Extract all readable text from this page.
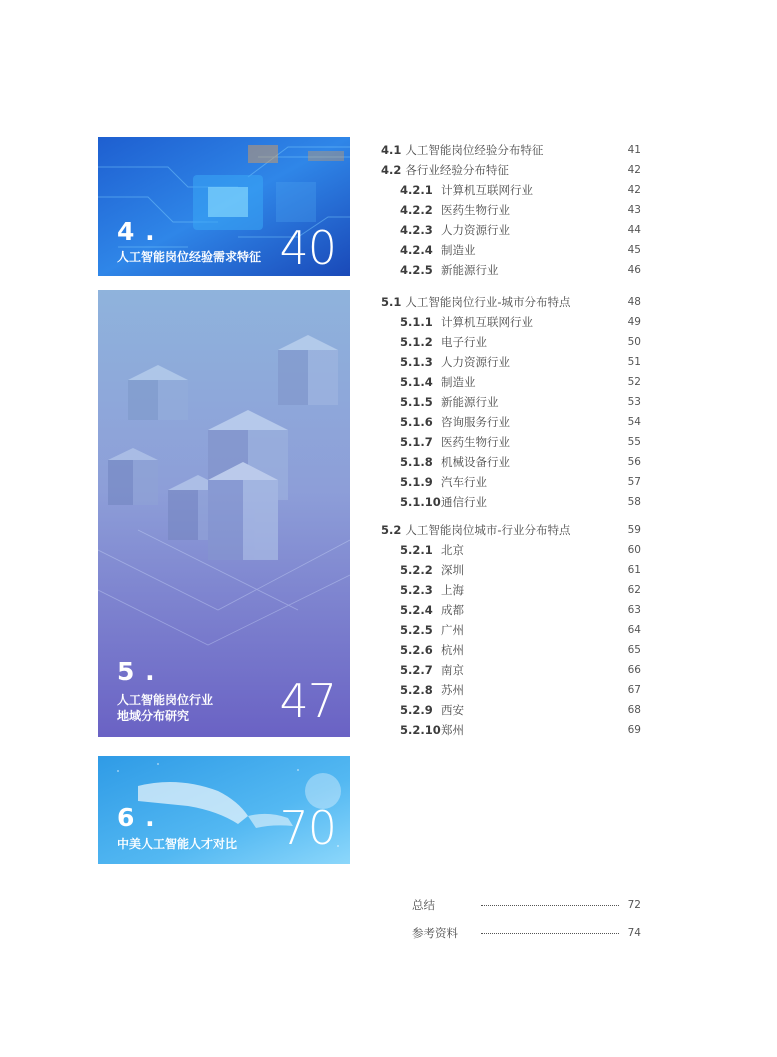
4 .
人工智能岗位经验需求特征 40
5 .
人工智能岗位行业
地域分布研究 47
6 .
中美人工智能人才对比 70
4.1 人工智能岗位经验分布特征	41
4.2 各行业经验分布特征	42
4.2.1 计算机互联网行业	42
4.2.2 医药生物行业	43
4.2.3 人力资源行业	44
4.2.4 制造业	45
4.2.5 新能源行业	46
5.1 人工智能岗位行业-城市分布特点	48
5.1.1 计算机互联网行业	49
5.1.2 电子行业	50
5.1.3 人力资源行业	51
5.1.4 制造业	52
5.1.5 新能源行业	53
5.1.6 咨询服务行业	54
5.1.7 医药生物行业	55
5.1.8 机械设备行业	56
5.1.9 汽车行业	57
5.1.10通信行业	58
5.2 人工智能岗位城市-行业分布特点	59
5.2.1 北京	60
5.2.2 深圳	61
5.2.3 上海	62
5.2.4 成都	63
5.2.5 广州	64
5.2.6 杭州	65
5.2.7 南京	66
5.2.8 苏州	67
5.2.9 西安	68
5.2.10郑州	69
总结	72
参考资料	74
